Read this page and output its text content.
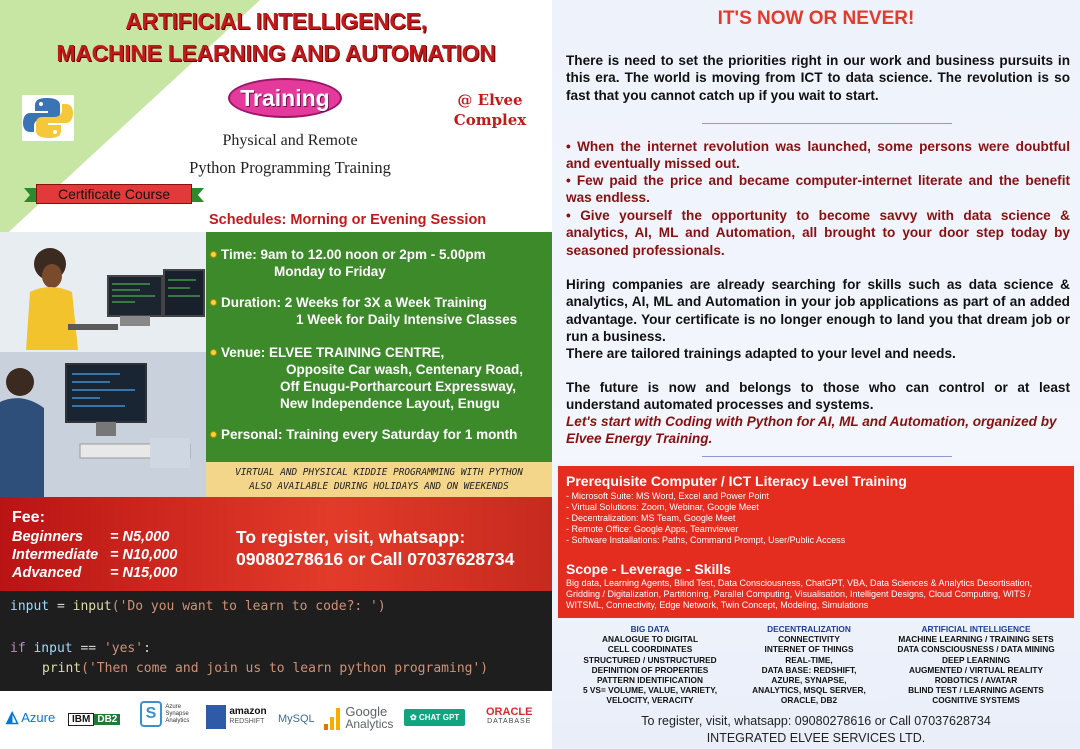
ARTIFICIAL INTELLIGENCE,
MACHINE LEARNING AND AUTOMATION
Training	@ Elvee
Complex
Physical and Remote
Python Programming Training
Certificate Course
Schedules: Morning or Evening Session
Time: 9am to 12.00 noon or 2pm - 5.00pm
Monday to Friday
Duration: 2 Weeks for 3X a Week Training
1 Week for Daily Intensive Classes
Venue: ELVEE TRAINING CENTRE,
Opposite Car wash, Centenary Road,
Off Enugu-Portharcourt Expressway,
New Independence Layout, Enugu
Personal: Training every Saturday for 1 month
VIRTUAL AND PHYSICAL KIDDIE PROGRAMMING WITH PYTHON
ALSO AVAILABLE DURING HOLIDAYS AND ON WEEKENDS
Fee:
Beginners = N5,000
Intermediate = N10,000
Advanced = N15,000
To register, visit, whatsapp:
09080278616 or Call 07037628734
input = input('Do you want to learn to code?: ')
if input == 'yes':
print('Then come and join us to learn python programing')
◭ Azure	IBM DB2	S Azure Synapse Analytics

amazon
REDSHIFT MySQL
Google
Analytics	✿ CHAT GPT	ORACLE
DATABASE
IT'S NOW OR NEVER!
There is need to set the priorities right in our work and business pursuits in this era. The world is moving from ICT to data science. The revolution is so fast that you cannot catch up if you wait to start.
• When the internet revolution was launched, some persons were doubtful and eventually missed out.
• Few paid the price and became computer-internet literate and the benefit was endless.
• Give yourself the opportunity to become savvy with data science & analytics, AI, ML and Automation, all brought to your door step today by seasoned professionals.
Hiring companies are already searching for skills such as data science & analytics, AI, ML and Automation in your job applications as part of an added advantage. Your certificate is no longer enough to land you that dream job or run a business.
There are tailored trainings adapted to your level and needs.
The future is now and belongs to those who can control or at least understand automated processes and systems.
Let's start with Coding with Python for AI, ML and Automation, organized by Elvee Energy Training.
Prerequisite Computer / ICT Literacy Level Training
- Microsoft Suite: MS Word, Excel and Power Point
- Virtual Solutions: Zoom, Webinar, Google Meet
- Decentralization: MS Team, Google Meet
- Remote Office: Google Apps, Teamviewer
- Software Installations: Paths, Command Prompt, User/Public Access
Scope - Leverage - Skills
Big data, Learning Agents, Blind Test, Data Consciousness, ChatGPT, VBA, Data Sciences & Analytics Desortisation, Gridding / Digitalization, Partitioning, Parallel Computing, Visualisation, Intelligent Designs, Cloud Computing, WITS / WITSML, Connectivity, Edge Network, Twin Concept, Modeling, Simulations
BIG DATA
ANALOGUE TO DIGITAL
CELL COORDINATES
STRUCTURED / UNSTRUCTURED
DEFINITION OF PROPERTIES
PATTERN IDENTIFICATION
5 VS= VOLUME, VALUE, VARIETY,
VELOCITY, VERACITY
DECENTRALIZATION
CONNECTIVITY
INTERNET OF THINGS
REAL-TIME,
DATA BASE: REDSHIFT,
AZURE, SYNAPSE,
ANALYTICS, MSQL SERVER,
ORACLE, DB2
ARTIFICIAL INTELLIGENCE
MACHINE LEARNING / TRAINING SETS
DATA CONSCIOUSNESS / DATA MINING
DEEP LEARNING
AUGMENTED / VIRTUAL REALITY
ROBOTICS / AVATAR
BLIND TEST / LEARNING AGENTS
COGNITIVE SYSTEMS
To register, visit, whatsapp: 09080278616 or Call 07037628734
INTEGRATED ELVEE SERVICES LTD.
